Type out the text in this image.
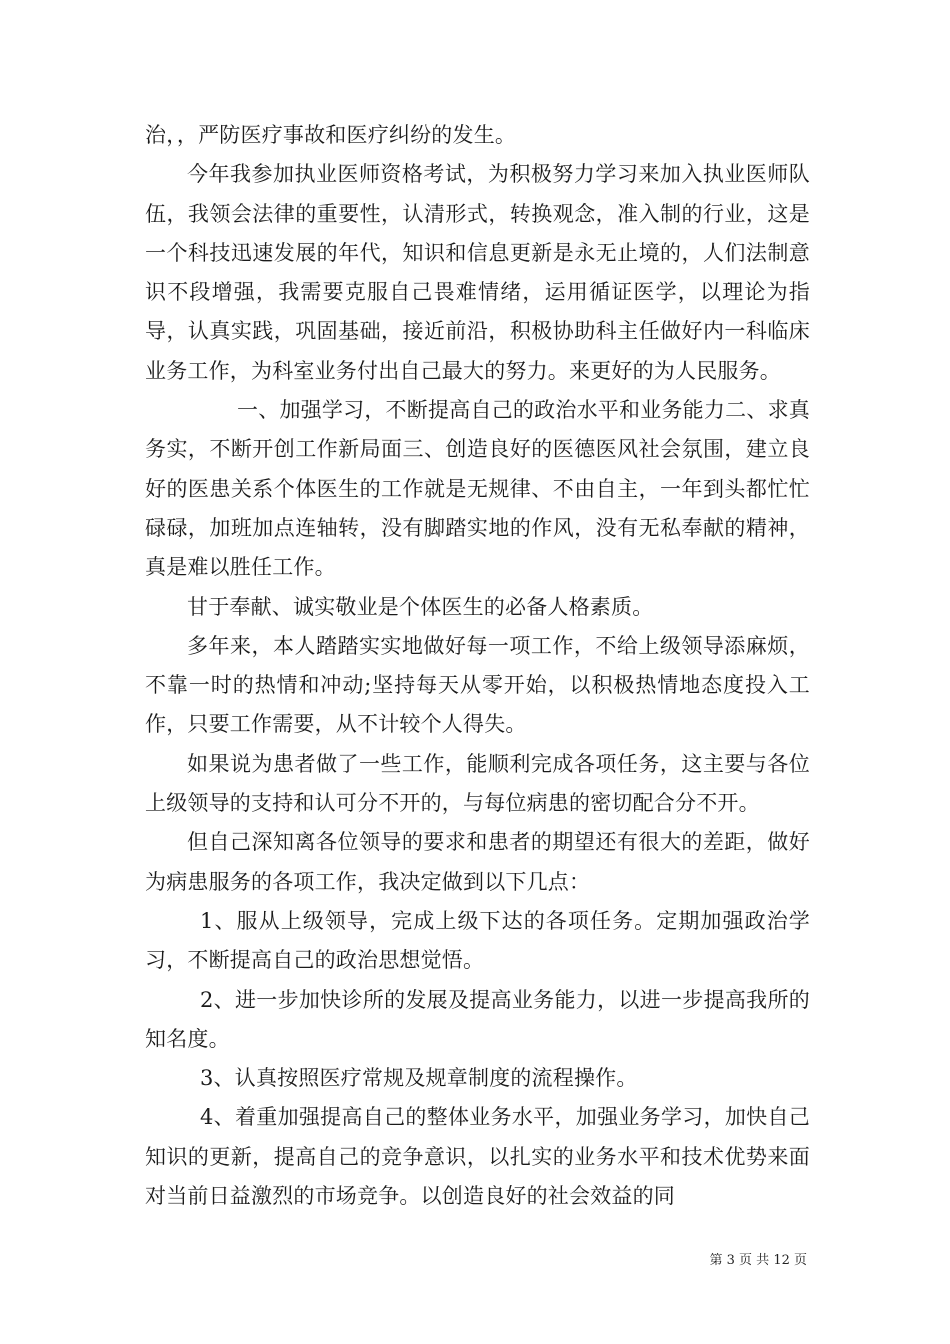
治，，严防医疗事故和医疗纠纷的发生。

今年我参加执业医师资格考试，为积极努力学习来加入执业医师队伍，我领会法律的重要性，认清形式，转换观念，准入制的行业，这是一个科技迅速发展的年代，知识和信息更新是永无止境的，人们法制意识不段增强，我需要克服自己畏难情绪，运用循证医学，以理论为指导，认真实践，巩固基础，接近前沿，积极协助科主任做好内一科临床业务工作，为科室业务付出自己最大的努力。来更好的为人民服务。

一、加强学习，不断提高自己的政治水平和业务能力二、求真务实，不断开创工作新局面三、创造良好的医德医风社会氛围，建立良好的医患关系个体医生的工作就是无规律、不由自主，一年到头都忙忙碌碌，加班加点连轴转，没有脚踏实地的作风，没有无私奉献的精神，真是难以胜任工作。

甘于奉献、诚实敬业是个体医生的必备人格素质。

多年来，本人踏踏实实地做好每一项工作，不给上级领导添麻烦，不靠一时的热情和冲动;坚持每天从零开始，以积极热情地态度投入工作，只要工作需要，从不计较个人得失。

如果说为患者做了一些工作，能顺利完成各项任务，这主要与各位上级领导的支持和认可分不开的，与每位病患的密切配合分不开。

但自己深知离各位领导的要求和患者的期望还有很大的差距，做好为病患服务的各项工作，我决定做到以下几点：

1、服从上级领导，完成上级下达的各项任务。定期加强政治学习，不断提高自己的政治思想觉悟。

2、进一步加快诊所的发展及提高业务能力，以进一步提高我所的知名度。

3、认真按照医疗常规及规章制度的流程操作。

4、着重加强提高自己的整体业务水平，加强业务学习，加快自己知识的更新，提高自己的竞争意识，以扎实的业务水平和技术优势来面对当前日益激烈的市场竞争。以创造良好的社会效益的同

第 3 页 共 12 页
